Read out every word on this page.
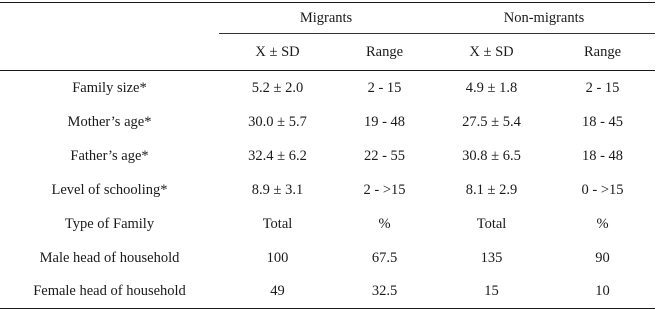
	Migrants		Non-migrants	
	X ± SD	Range	X ± SD	Range
Family size*	5.2 ± 2.0	2 - 15	4.9 ± 1.8	2 - 15
Mother’s age*	30.0 ± 5.7	19 - 48	27.5 ± 5.4	18 - 45
Father’s age*	32.4 ± 6.2	22 - 55	30.8 ± 6.5	18 - 48
Level of schooling*	8.9 ± 3.1	2 - >15	8.1 ± 2.9	0 - >15
Type of Family	Total	%	Total	%
Male head of household	100	67.5	135	90
Female head of household	49	32.5	15	10
